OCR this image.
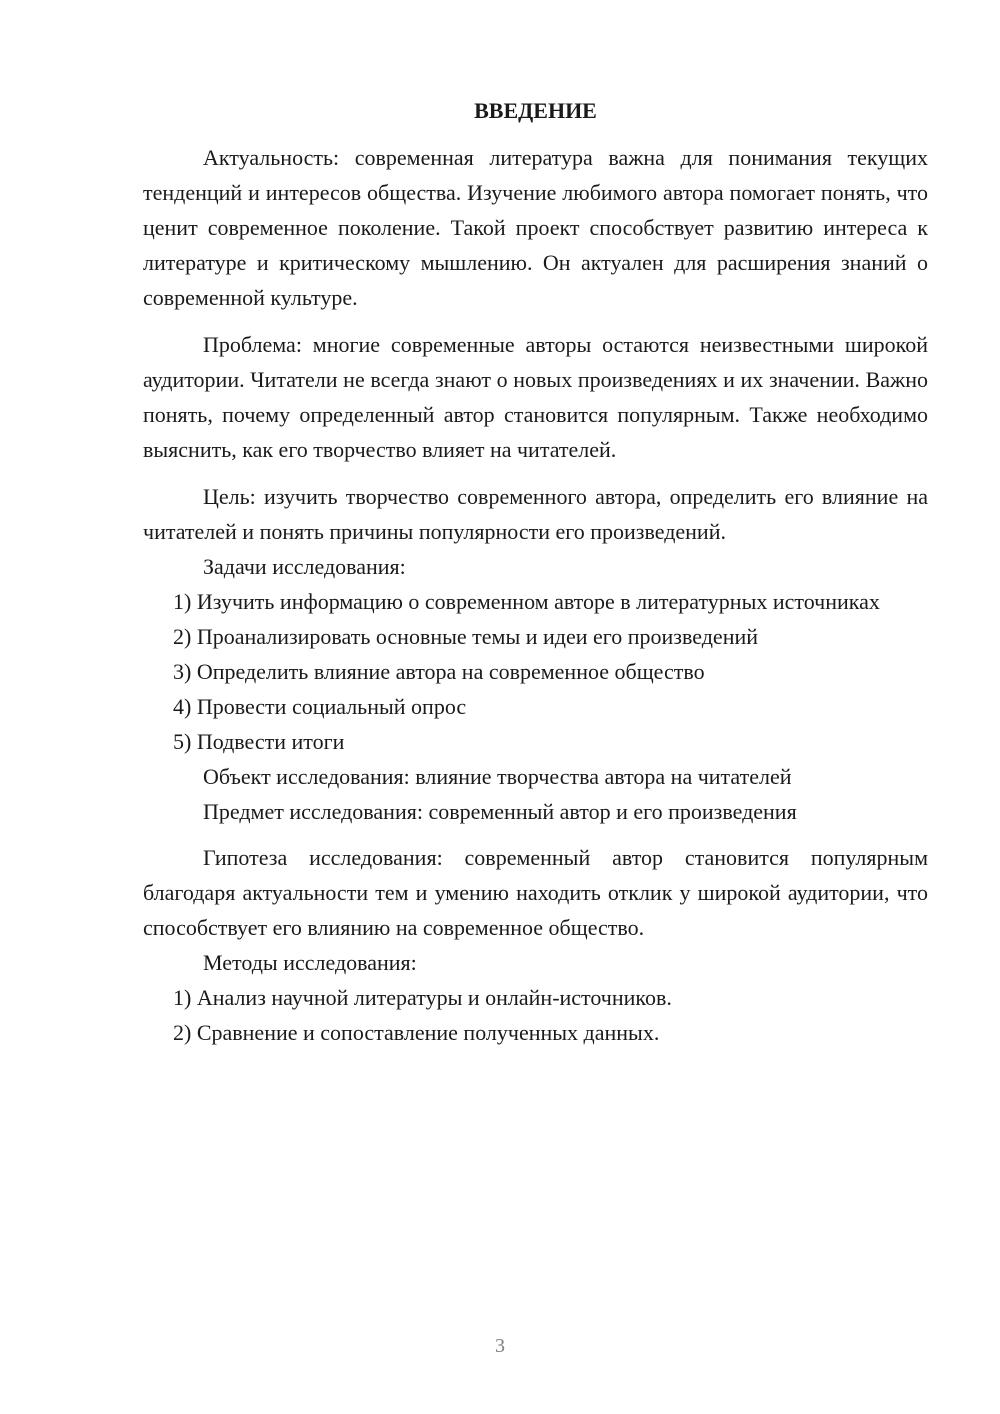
ВВЕДЕНИЕ

Актуальность: современная литература важна для понимания текущих тенденций и интересов общества. Изучение любимого автора помогает понять, что ценит современное поколение. Такой проект способствует развитию интереса к литературе и критическому мышлению. Он актуален для расширения знаний о современной культуре.

Проблема: многие современные авторы остаются неизвестными широкой аудитории. Читатели не всегда знают о новых произведениях и их значении. Важно понять, почему определенный автор становится популярным. Также необходимо выяснить, как его творчество влияет на читателей.

Цель: изучить творчество современного автора, определить его влияние на читателей и понять причины популярности его произведений.

Задачи исследования:

1) Изучить информацию о современном авторе в литературных источниках

2) Проанализировать основные темы и идеи его произведений

3) Определить влияние автора на современное общество

4) Провести социальный опрос

5) Подвести итоги

Объект исследования: влияние творчества автора на читателей

Предмет исследования: современный автор и его произведения

Гипотеза исследования: современный автор становится популярным благодаря актуальности тем и умению находить отклик у широкой аудитории, что способствует его влиянию на современное общество.

Методы исследования:

1) Анализ научной литературы и онлайн-источников.

2) Сравнение и сопоставление полученных данных.

3
